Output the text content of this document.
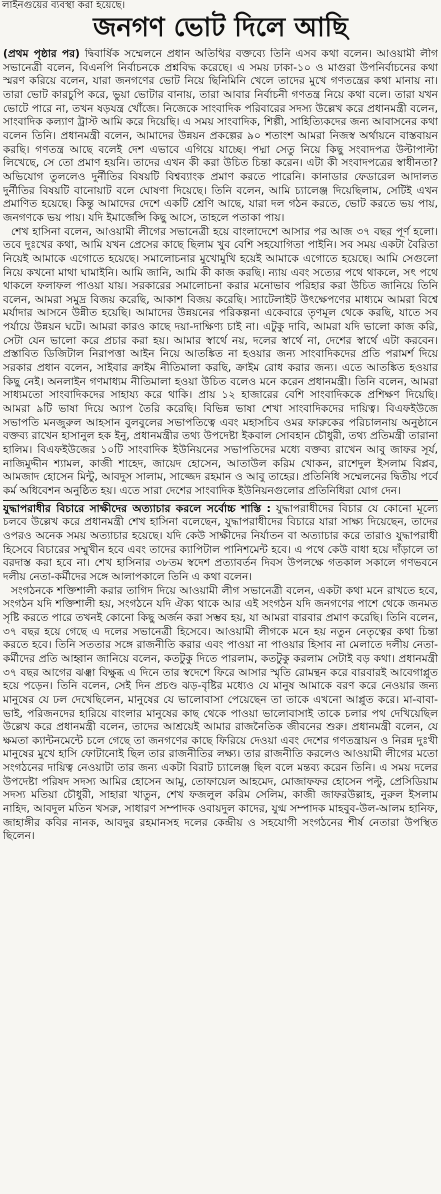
লাইনগুয়ের ব্যবস্থা করা হয়েছে।
জনগণ ভোট দিলে আছি

(প্রথম পৃষ্ঠার পর) দ্বিবার্ষিক সম্মেলনে প্রধান অতিথির বক্তব্যে তিনি এসব কথা বলেন। আওয়ামী লীগ সভানেত্রী বলেন, বিএনপি নির্বাচনকে প্রশ্নবিদ্ধ করেছে। এ সময় ঢাকা-১০ ও মাগুরা উপনির্বাচনের কথা স্মরণ করিয়ে বলেন, যারা জনগণের ভোট নিয়ে ছিনিমিনি খেলে তাদের মুখে গণতন্ত্রের কথা মানায় না। তারা ভোট কারচুপি করে, ভুয়া ভোটার বানায়, তারা আবার নির্বাচনী গণতন্ত্র নিয়ে কথা বলে। তারা যখন ভোটে পারে না, তখন ষড়যন্ত্র খোঁজে। নিজেকে সাংবাদিক পরিবারের সদস্য উল্লেখ করে প্রধানমন্ত্রী বলেন, সাংবাদিক কল্যাণ ট্রাস্ট আমি করে দিয়েছি। এ সময় সাংবাদিক, শিল্পী, সাহিত্যিকদের জন্য আবাসনের কথা বলেন তিনি। প্রধানমন্ত্রী বলেন, আমাদের উন্নয়ন প্রকল্পের ৯০ শতাংশ আমরা নিজস্ব অর্থায়নে বাস্তবায়ন করছি। গণতন্ত্র আছে বলেই দেশ এভাবে এগিয়ে যাচ্ছে। পদ্মা সেতু নিয়ে কিছু সংবাদপত্র উল্টাপাল্টা লিখেছে, সে তো প্রমাণ হয়নি। তাদের এখন কী করা উচিত চিন্তা করেন। এটা কী সংবাদপত্রের স্বাধীনতা? অভিযোগ তুললেও দুর্নীতির বিষয়টি বিশ্বব্যাংক প্রমাণ করতে পারেনি। কানাডার ফেডারেল আদালত দুর্নীতির বিষয়টি বানোয়াট বলে ঘোষণা দিয়েছে। তিনি বলেন, আমি চ্যালেঞ্জ দিয়েছিলাম, সেটিই এখন প্রমাণিত হয়েছে। কিন্তু আমাদের দেশে একটি শ্রেণি আছে, যারা দল গঠন করতে, ভোট করতে ভয় পায়, জনগণকে ভয় পায়। যদি ইমার্জেন্সি কিছু আসে, তাহলে পতাকা পায়।

শেখ হাসিনা বলেন, আওয়ামী লীগের সভানেত্রী হয়ে বাংলাদেশে আসার পর আজ ৩৭ বছর পূর্ণ হলো। তবে দুঃখের কথা, আমি যখন প্রেসের কাছে ছিলাম খুব বেশি সহযোগিতা পাইনি। সব সময় একটা বৈরিতা নিয়েই আমাকে এগোতে হয়েছে। সমালোচনার মুখোমুখি হয়েই আমাকে এগোতে হয়েছে। আমি সেগুলো নিয়ে কখনো মাথা ঘামাইনি। আমি জানি, আমি কী কাজ করছি। ন্যায় এবং সত্যের পথে থাকলে, সৎ পথে থাকলে ফলাফল পাওয়া যায়। সরকারের সমালোচনা করার মনোভাব পরিহার করা উচিত জানিয়ে তিনি বলেন, আমরা সমুদ্র বিজয় করেছি, আকাশ বিজয় করেছি। স্যাটেলাইট উৎক্ষেপণের মাধ্যমে আমরা বিশ্বে মর্যাদার আসনে উন্নীত হয়েছি। আমাদের উন্নয়নের পরিকল্পনা একেবারে তৃণমূল থেকে করছি, যাতে সব পর্যায়ে উন্নয়ন ঘটে। আমরা কারও কাছে দয়া-দাক্ষিণ্য চাই না। এটুকু দাবি, আমরা যদি ভালো কাজ করি, সেটা যেন ভালো করে প্রচার করা হয়। আমার স্বার্থে নয়, দলের স্বার্থে না, দেশের স্বার্থে এটা করবেন। প্রস্তাবিত ডিজিটাল নিরাপত্তা আইন নিয়ে আতঙ্কিত না হওয়ার জন্য সাংবাদিকদের প্রতি পরামর্শ দিয়ে সরকার প্রধান বলেন, সাইবার ক্রাইম নীতিমালা করছি, ক্রাইম রোধ করার জন্য। এতে আতঙ্কিত হওয়ার কিছু নেই। অনলাইন গণমাধ্যম নীতিমালা হওয়া উচিত বলেও মনে করেন প্রধানমন্ত্রী। তিনি বলেন, আমরা সাধ্যমতো সাংবাদিকদের সাহায্য করে থাকি। প্রায় ১২ হাজারের বেশি সাংবাদিককে প্রশিক্ষণ দিয়েছি। আমরা ৯টি ভাষা দিয়ে অ্যাপ তৈরি করেছি। বিভিন্ন ভাষা শেখা সাংবাদিকদের দায়িত্ব। বিএফইউজে সভাপতি মনজুরুল আহসান বুলবুলের সভাপতিত্বে এবং মহাসচিব ওমর ফারুকের পরিচালনায় অনুষ্ঠানে বক্তব্য রাখেন হাসানুল হক ইনু, প্রধানমন্ত্রীর তথ্য উপদেষ্টা ইকবাল সোবহান চৌধুরী, তথ্য প্রতিমন্ত্রী তারানা হালিম। বিএফইউজের ১০টি সাংবাদিক ইউনিয়নের সভাপতিদের মধ্যে বক্তব্য রাখেন আবু জাফর সূর্য, নাজিমুদ্দীন শ্যামল, কাজী শাহেদ, জায়েদ হোসেন, আতাউল করিম খোকন, রাশেদুল ইসলাম বিপ্লব, আমজাদ হোসেন মিন্টু, আবদুস সালাম, সাজ্জেদ রহমান ও আবু তাহের। প্রতিনিধি সম্মেলনের দ্বিতীয় পর্বে কর্ম অধিবেশন অনুষ্ঠিত হয়। এতে সারা দেশের সাংবাদিক ইউনিয়নগুলোর প্রতিনিধিরা যোগ দেন।

যুদ্ধাপরাধীর বিচারে সাক্ষীদের অত্যাচার করলে সর্বোচ্চ শাস্তি : যুদ্ধাপরাধীদের বিচার যে কোনো মূল্যে চলবে উল্লেখ করে প্রধানমন্ত্রী শেখ হাসিনা বলেছেন, যুদ্ধাপরাধীদের বিচারে যারা সাক্ষ্য দিয়েছেন, তাদের ওপরও অনেক সময় অত্যাচার হয়েছে। যদি কেউ সাক্ষীদের নির্যাতন বা অত্যাচার করে তারাও যুদ্ধাপরাধী হিসেবে বিচারের সম্মুখীন হবে এবং তাদের ক্যাপিটাল পানিশমেন্ট হবে। এ পথে কেউ বাধা হয়ে দাঁড়ালে তা বরদাস্ত করা হবে না। শেখ হাসিনার ৩৮তম স্বদেশ প্রত্যাবর্তন দিবস উপলক্ষে গতকাল সকালে গণভবনে দলীয় নেতা-কর্মীদের সঙ্গে আলাপকালে তিনি এ কথা বলেন।

সংগঠনকে শক্তিশালী করার তাগিদ দিয়ে আওয়ামী লীগ সভানেত্রী বলেন, একটা কথা মনে রাখতে হবে, সংগঠন যদি শক্তিশালী হয়, সংগঠনে যদি ঐক্য থাকে আর এই সংগঠন যদি জনগণের পাশে থেকে জনমত সৃষ্টি করতে পারে তখনই কোনো কিছু অর্জন করা সম্ভব হয়, যা আমরা বারবার প্রমাণ করেছি। তিনি বলেন, ৩৭ বছর হয়ে গেছে এ দলের সভানেত্রী হিসেবে। আওয়ামী লীগকে মনে হয় নতুন নেতৃত্বের কথা চিন্তা করতে হবে। তিনি সততার সঙ্গে রাজনীতি করার এবং পাওয়া না পাওয়ার হিসাব না মেলাতে দলীয় নেতা-কর্মীদের প্রতি আহ্বান জানিয়ে বলেন, কতটুকু দিতে পারলাম, কতটুকু করলাম সেটাই বড় কথা। প্রধানমন্ত্রী ৩৭ বছর আগের ঝঞ্ঝা বিক্ষুব্ধ এ দিনে তার স্বদেশে ফিরে আসার স্মৃতি রোমন্থন করে বারবারই আবেগাপ্লুত হয়ে পড়েন। তিনি বলেন, সেই দিন প্রচণ্ড ঝড়-বৃষ্টির মধ্যেও যে মানুষ আমাকে বরণ করে নেওয়ার জন্য মানুষের যে ঢল দেখেছিলেন, মানুষের যে ভালোবাসা পেয়েছেন তা তাকে এখনো আপ্লুত করে। মা-বাবা-ভাই, পরিজনদের হারিয়ে বাংলার মানুষের কাছ থেকে পাওয়া ভালোবাসাই তাকে চলার পথ দেখিয়েছিল উল্লেখ করে প্রধানমন্ত্রী বলেন, তাদের আশ্রয়েই আমার রাজনৈতিক জীবনের শুরু। প্রধানমন্ত্রী বলেন, যে ক্ষমতা ক্যান্টনমেন্টে চলে গেছে তা জনগণের কাছে ফিরিয়ে দেওয়া এবং দেশের গণতন্ত্রায়ন ও নিরন্ন দুঃখী মানুষের মুখে হাসি ফোটানোই ছিল তার রাজনীতির লক্ষ্য। তার রাজনীতি করলেও আওয়ামী লীগের মতো সংগঠনের দায়িত্ব নেওয়াটা তার জন্য একটা বিরাট চ্যালেঞ্জ ছিল বলে মন্তব্য করেন তিনি। এ সময় দলের উপদেষ্টা পরিষদ সদস্য আমির হোসেন আমু, তোফায়েল আহমেদ, মোজাফফর হোসেন পল্টু, প্রেসিডিয়াম সদস্য মতিয়া চৌধুরী, সাহারা খাতুন, শেখ ফজলুল করিম সেলিম, কাজী জাফরউল্লাহ, নুরুল ইসলাম নাহিদ, আবদুল মতিন খসরু, সাধারণ সম্পাদক ওবায়দুল কাদের, যুগ্ম সম্পাদক মাহবুব-উল-আলম হানিফ, জাহাঙ্গীর কবির নানক, আবদুর রহমানসহ দলের কেন্দ্রীয় ও সহযোগী সংগঠনের শীর্ষ নেতারা উপস্থিত ছিলেন।
